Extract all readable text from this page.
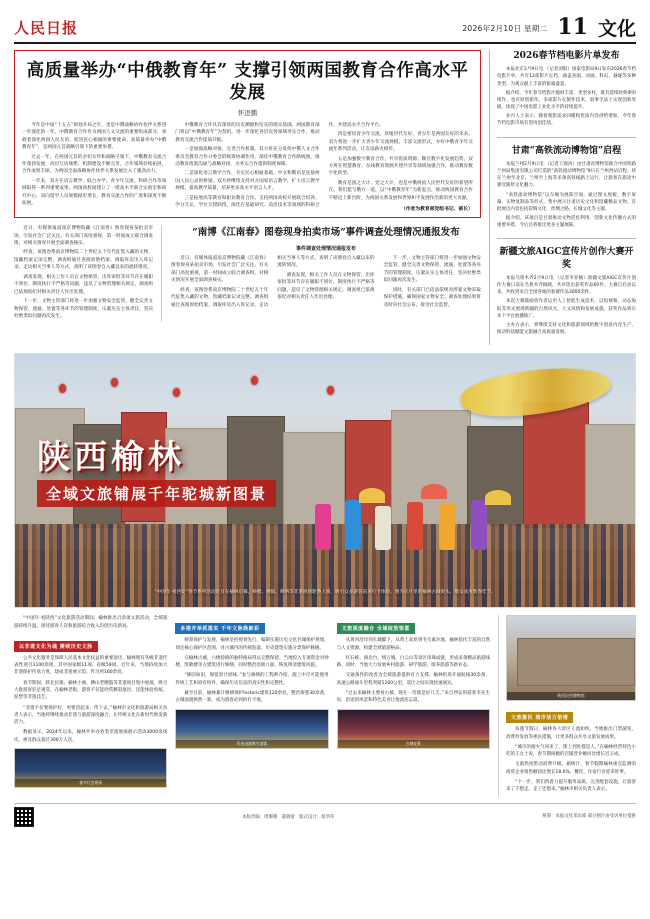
人民日报	2026年2月10日 星期二 11 文化
高质量举办“中俄教育年” 支撑引领两国教育合作高水平发展
怀进鹏

今年是中国“十五五”规划开局之年，也是中俄战略协作伙伴关系进一步深化的一年。中俄教育合作作为两国人文交流的重要组成部分，承载着深化两国人民友谊、促进民心相通的重要使命。高质量举办“中俄教育年”，是两国元首战略引领下的重要举措。

过去一年，在两国元首的亲切关怀和战略引领下，中俄教育交流合作蓬勃发展，高层互访频繁，机制建设不断完善，合作领域持续拓展，合作成果丰硕，为两国全面战略协作伙伴关系发展注入了强劲动力。

一年来，双方在语言教学、联合办学、青少年交流、科研合作等领域取得一系列重要成果。两国高校间建立了一批高水平联合实验室和研究中心，双向留学人员规模稳步增长，教育交流合作的广度和深度不断拓展。

中俄教育合作具有深厚的历史渊源和坚实的现实基础。两国教育部门将以“中俄教育年”为契机，进一步深化各层次各领域务实合作，推动教育交流合作提质升级。

一是加强战略对接，完善合作机制。双方将充分发挥中俄人文合作委员会教育合作分委会的统筹协调作用，深化中俄教育合作路线图，推动教育政策沟通与战略对接，为务实合作提供制度保障。

二是深化语言教学合作，夯实民心相通基础。中文和俄语是连接两国人民心灵的桥梁。双方将继续支持对方国家语言教学，扩大语言教学规模，提高教学质量，培养更多高水平语言人才。

三是拓展高等教育和职业教育合作。支持两国高校开展联合培养、学分互认、学位互授联授，深化在基础研究、前沿技术等领域的科研合作，共建高水平合作平台。

四是密切青少年交流，厚植世代友好。青少年是两国友好的未来。双方将进一步扩大青少年交流规模，丰富交流形式，办好中俄青少年交流年系列活动，让友谊薪火相传。

五是加强数字教育合作，共享优质资源。顺应数字化发展趋势，双方将在智慧教育、在线教育资源共建共享等领域加强合作，推动教育数字化转型。

教育是国之大计、党之大计，也是中俄两国人民世代友好的希望所在。我们愿与俄方一道，以“中俄教育年”为新起点，推动两国教育合作不断迈上新台阶，为两国关系发展和世界和平发展作出新的更大贡献。

（作者为教育部党组书记、部长）

近日，有媒体报道南京博物院藏《江南春》图卷现身某拍卖市场，引发社会广泛关注。有关部门高度重视，第一时间成立联合调查组，对相关情况开展全面调查核实。

经查，该图卷系南京博物院二十世纪五十年代征集入藏的文物，馆藏档案记录完整。调查组通过查阅原始档案、调取库房出入库记录、走访相关当事人等方式，查明了该图卷自入藏以来的流转情况。

调查发现，相关工作人员在文物保管、出库审批等环节存在履职不到位、制度执行不严格等问题，违反了文物管理相关规定。调查组已依规依纪对相关责任人作出处理。

下一步，文物主管部门将进一步加强文物安全监管，健全完善文物保管、流通、处置等各环节的管理制度，压紧压实主体责任，坚决杜绝类似问题再次发生。

“南博《江南春》图卷现身拍卖市场”事件调查处理情况通报发布
事件调查处理情况通报发布

近日，有媒体报道南京博物院藏《江南春》图卷现身某拍卖市场，引发社会广泛关注。有关部门高度重视，第一时间成立联合调查组，对相关情况开展全面调查核实。

经查，该图卷系南京博物院二十世纪五十年代征集入藏的文物，馆藏档案记录完整。调查组通过查阅原始档案、调取库房出入库记录、走访相关当事人等方式，查明了该图卷自入藏以来的流转情况。

调查发现，相关工作人员在文物保管、出库审批等环节存在履职不到位、制度执行不严格等问题，违反了文物管理相关规定。调查组已依规依纪对相关责任人作出处理。

下一步，文物主管部门将进一步加强文物安全监管，健全完善文物保管、流通、处置等各环节的管理制度，压紧压实主体责任，坚决杜绝类似问题再次发生。

同时，有关部门已依法依规对涉案文物采取保护措施，确保国家文物安全。调查处理结果将及时向社会公布，接受社会监督。

2026春节档电影片单发布

本报北京2月9日电 （记者刘阳）国家电影局9日发布2026春节档电影片单，共有12部影片定档，涵盖喜剧、动画、科幻、悬疑等多种类型，为观众献上丰富的银幕盛宴。

据介绍，今年春节档影片题材丰富、类型多样，既有延续经典IP的续作，也有原创新作。多部影片在制作技术、叙事手法上实现创新突破，体现了中国电影工业化水平的持续提升。

业内人士表示，随着观影需求回暖和优质内容供给增加，今年春节档电影市场有望再创佳绩。

甘肃“高铁流动博物馆”启程

本报兰州2月9日电 （记者王锦涛）由甘肃省博物馆联合中国铁路兰州局集团有限公司打造的“高铁流动博物馆”9日在兰州西站启程，将在兰州至北京、兰州至上海等多条高铁线路上运行，让旅客在旅途中感受陇原文化魅力。

“高铁流动博物馆”以车厢为展陈空间，通过图文展板、数字屏幕、实物复制品等形式，集中展示甘肃历史文化和馆藏精品文物。首批展出内容包括彩陶文化、丝绸之路、长城文化等主题。

据介绍，该项目是甘肃推动文物活化利用、创新文化传播方式的重要举措，今后还将推出更多主题展陈。

新疆文旅AIGC宣传片创作大赛开奖

本报乌鲁木齐2月9日电 （记者李亚楠）新疆文旅AIGC宣传片创作大赛日前在乌鲁木齐揭晓，共评选出获奖作品60件。大赛自启动以来，共收到来自全国各地的参赛作品3000余件。

本次大赛鼓励创作者运用人工智能生成技术，以短视频、动态海报等形式展现新疆的自然风光、人文风情和发展成就。获奖作品将在多个平台展播推广。

主办方表示，将继续支持文化和旅游领域的数字创意内容生产，推动科技赋能文旅融合高质量发展。

陕西榆林
全域文旅铺展千年驼城新图景
“中国年·看西安”春节系列活动近日在榆林启幕，秧歌、腰鼓、唢呐等非遗展演轮番上演，吸引众多游客前来打卡体验。图为正月里的榆林古城街头，群众欢度新春佳节。

“中国年·看陕西”文化旅游活动期间，榆林推出百余项文旅活动，全域旅游持续升温，接待游客人次和旅游综合收入均创历史新高。

以非遗文化为魂 赓续历史文脉

公共文化服务是保障人民基本文化权益的重要途径。榆林现有各级非遗代表性项目1100余项，其中国家级11项、省级59项。近年来，当地持续加大非遗保护传承力度，建成非遗展示馆、传习所160余处。

春节期间，陕北民歌、榆林小曲、横山老腰鼓等非遗项目集中展演，吸引大批游客驻足观赏。在榆林老街，游客不仅能欣赏精彩演出，还能体验剪纸、泥塑等非遗技艺。

“非遗不仅要保护好，更要活起来、传下去。”榆林市文化和旅游局相关负责人表示，当地将继续推动非遗与旅游深度融合，让传统文化在新时代焕发新活力。

数据显示，2024年以来，榆林共举办各类非遗展演展示活动3000余场次，惠及群众超过300万人次。

春节灯会现场
多措并举抓落实 千年文脉焕新彩

统筹保护与发展，榆林坚持规划先行，编制实施历史文化名城保护规划，划定核心保护区范围，对古城内的传统院落、历史建筑实施分类保护修缮。

在榆林古城，六楼骑街的独特格局得以完整保留。当地投入专项资金对钟楼、凯歌楼等古建筑进行修缮，同时整治沿街立面，恢复明清建筑风貌。

“修旧如旧，保留原汁原味。”参与修缮的工程师介绍，施工中尽可能使用传统工艺和原有构件，确保历史信息的真实性和完整性。

截至目前，榆林累计修缮保护historic建筑120余处，整治街巷30余条，古城面貌焕然一新，成为游客必到的打卡地。

民俗表演吸引游客
文旅深度融合 全域绽放惊喜

从黄河沿岸到长城脚下，从黄土高原到毛乌素沙地，榆林依托丰富的自然与人文资源，构建全域旅游格局。

红石峡、镇北台、统万城、白云山等景区串珠成链，形成多条精品旅游线路。同时，当地大力发展乡村旅游、研学旅游、康养旅游等新业态。

交通条件的改善为全域旅游提供有力支撑。榆林机场开通航线30余条，高速公路通车里程突破1100公里，景区之间实现快速通达。

“过去来榆林主要看古城，现在一待就是好几天。”来自西安的游客李先生说，沿途的风景和特色美食让他流连忘返。

古城夜景
陕西民俗博物馆
文旅惠民 城市活力倍增

每逢节假日，榆林各大景区人流如织。当地推出门票减免、消费券发放等惠民措施，让更多群众共享文旅发展成果。

“城市的烟火气回来了，街上到处都是人。”在榆林经营特色小吃的王女士说，春节期间她的店铺营业额同比增长近五成。

文旅热度带动消费升级。据统计，春节假期榆林重点监测的商贸企业销售额同比增长18.6%，餐饮、住宿行业迎来旺季。

“下一步，我们将着力提升服务品质，完善配套设施，让游客来了不想走、走了还想来。”榆林市相关负责人表示。

本版责编：周珊珊　董晓蕾　版式设计：蔡华伟	统筹：本报文化采访部 部分图片由受访单位提供
